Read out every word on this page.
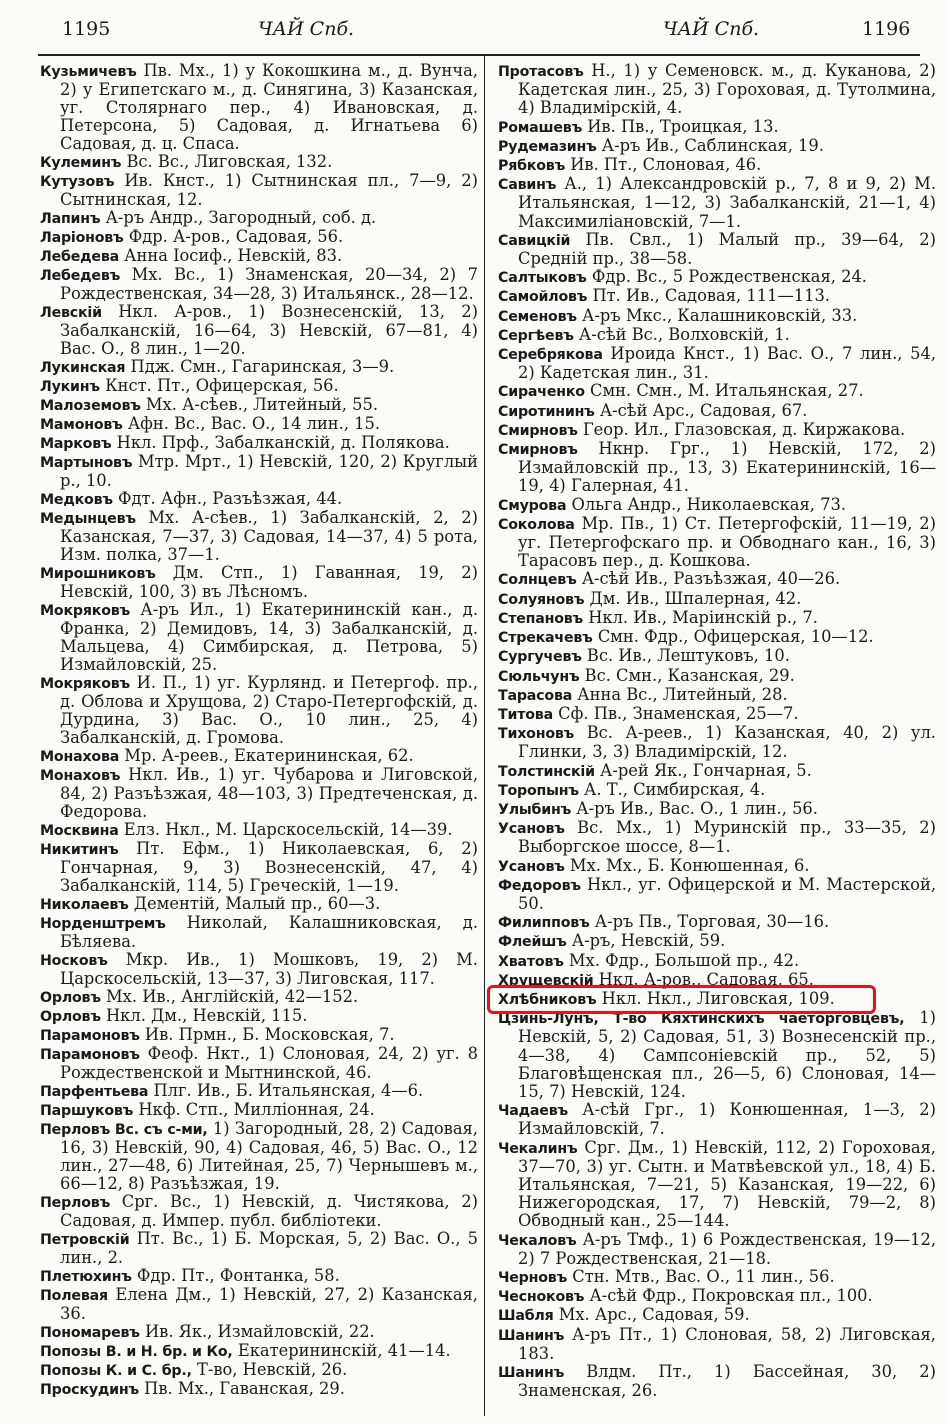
1195	ЧАЙ Спб.	ЧАЙ Спб.	1196

Кузьмичевъ Пв. Мх., 1) у Кокошкина м., д. Вунча, 2) у Египетскаго м., д. Синягина, 3) Казанская, уг. Столярнаго пер., 4) Ивановская, д. Петерсона, 5) Садовая, д. Игнатьева 6) Садовая, д. ц. Спаса.

Кулеминъ Вс. Вс., Лиговская, 132.

Кутузовъ Ив. Кнст., 1) Сытнинская пл., 7—9, 2) Сытнинская, 12.

Лапинъ А-ръ Андр., Загородный, соб. д.

Ларіоновъ Фдр. А-ров., Садовая, 56.

Лебедева Анна Іосиф., Невскій, 83.

Лебедевъ Мх. Вс., 1) Знаменская, 20—34, 2) 7 Рождественская, 34—28, 3) Итальянск., 28—12.

Левскій Нкл. А-ров., 1) Вознесенскій, 13, 2) Забалканскій, 16—64, 3) Невскій, 67—81, 4) Вас. О., 8 лин., 1—20.

Лукинская Пдж. Смн., Гагаринская, 3—9.

Лукинъ Кнст. Пт., Офицерская, 56.

Малоземовъ Мх. А-сѣев., Литейный, 55.

Мамоновъ Афн. Вс., Вас. О., 14 лин., 15.

Марковъ Нкл. Прф., Забалканскій, д. Полякова.

Мартыновъ Мтр. Мрт., 1) Невскій, 120, 2) Круглый р., 10.

Медковъ Фдт. Афн., Разъѣзжая, 44.

Медынцевъ Мх. А-сѣев., 1) Забалканскій, 2, 2) Казанская, 7—37, 3) Садовая, 14—37, 4) 5 рота, Изм. полка, 37—1.

Мирошниковъ Дм. Стп., 1) Гаванная, 19, 2) Невскій, 100, 3) въ Лѣсномъ.

Мокряковъ А-ръ Ил., 1) Екатерининскій кан., д. Франка, 2) Демидовъ, 14, 3) Забалканскій, д. Мальцева, 4) Симбирская, д. Петрова, 5) Измайловскій, 25.

Мокряковъ И. П., 1) уг. Курлянд. и Петергоф. пр., д. Облова и Хрущова, 2) Старо-Петергофскій, д. Дурдина, 3) Вас. О., 10 лин., 25, 4) Забалканскій, д. Громова.

Монахова Мр. А-реев., Екатерининская, 62.

Монаховъ Нкл. Ив., 1) уг. Чубарова и Лиговской, 84, 2) Разъѣзжая, 48—103, 3) Предтеченская, д. Федорова.

Москвина Елз. Нкл., М. Царскосельскій, 14—39.

Никитинъ Пт. Ефм., 1) Николаевская, 6, 2) Гончарная, 9, 3) Вознесенскій, 47, 4) Забалканскій, 114, 5) Греческій, 1—19.

Николаевъ Дементій, Малый пр., 60—3.

Норденштремъ Николай, Калашниковская, д. Бѣляева.

Носковъ Мкр. Ив., 1) Мошковъ, 19, 2) М. Царскосельскій, 13—37, 3) Лиговская, 117.

Орловъ Мх. Ив., Англійскій, 42—152.

Орловъ Нкл. Дм., Невскій, 115.

Парамоновъ Ив. Прмн., Б. Московская, 7.

Парамоновъ Феоф. Нкт., 1) Слоновая, 24, 2) уг. 8 Рождественской и Мытнинской, 46.

Парфентьева Плг. Ив., Б. Итальянская, 4—6.

Паршуковъ Нкф. Стп., Милліонная, 24.

Перловъ Вс. съ с-ми, 1) Загородный, 28, 2) Садовая, 16, 3) Невскій, 90, 4) Садовая, 46, 5) Вас. О., 12 лин., 27—48, 6) Литейная, 25, 7) Чернышевъ м., 66—12, 8) Разъѣзжая, 19.

Перловъ Срг. Вс., 1) Невскій, д. Чистякова, 2) Садовая, д. Импер. публ. библіотеки.

Петровскій Пт. Вс., 1) Б. Морская, 5, 2) Вас. О., 5 лин., 2.

Плетюхинъ Фдр. Пт., Фонтанка, 58.

Полевая Елена Дм., 1) Невскій, 27, 2) Казанская, 36.

Пономаревъ Ив. Як., Измайловскій, 22.

Попозы В. и Н. бр. и Ко, Екатерининскій, 41—14.

Попозы К. и С. бр., Т-во, Невскій, 26.

Проскудинъ Пв. Мх., Гаванская, 29.

Протасовъ Н., 1) у Семеновск. м., д. Куканова, 2) Кадетская лин., 25, 3) Гороховая, д. Тутолмина, 4) Владимірскій, 4.

Ромашевъ Ив. Пв., Троицкая, 13.

Рудемазинъ А-ръ Ив., Саблинская, 19.

Рябковъ Ив. Пт., Слоновая, 46.

Савинъ А., 1) Александровскій р., 7, 8 и 9, 2) М. Итальянская, 1—12, 3) Забалканскій, 21—1, 4) Максимиліановскій, 7—1.

Савицкій Пв. Свл., 1) Малый пр., 39—64, 2) Средній пр., 38—58.

Салтыковъ Фдр. Вс., 5 Рождественская, 24.

Самойловъ Пт. Ив., Садовая, 111—113.

Семеновъ А-ръ Мкс., Калашниковскій, 33.

Сергѣевъ А-сѣй Вс., Волховскій, 1.

Серебрякова Ироида Кнст., 1) Вас. О., 7 лин., 54, 2) Кадетская лин., 31.

Сираченко Смн. Смн., М. Итальянская, 27.

Сиротининъ А-сѣй Арс., Садовая, 67.

Смирновъ Геор. Ил., Глазовская, д. Киржакова.

Смирновъ Нкнр. Грг., 1) Невскій, 172, 2) Измайловскій пр., 13, 3) Екатерининскій, 16—19, 4) Галерная, 41.

Смурова Ольга Андр., Николаевская, 73.

Соколова Мр. Пв., 1) Ст. Петергофскій, 11—19, 2) уг. Петергофскаго пр. и Обводнаго кан., 16, 3) Тарасовъ пер., д. Кошкова.

Солнцевъ А-сѣй Ив., Разъѣзжая, 40—26.

Солуяновъ Дм. Ив., Шпалерная, 42.

Степановъ Нкл. Ив., Маріинскій р., 7.

Стрекачевъ Смн. Фдр., Офицерская, 10—12.

Сургучевъ Вс. Ив., Лештуковъ, 10.

Сюльчунъ Вс. Смн., Казанская, 29.

Тарасова Анна Вс., Литейный, 28.

Титова Сф. Пв., Знаменская, 25—7.

Тихоновъ Вс. А-реев., 1) Казанская, 40, 2) ул. Глинки, 3, 3) Владимірскій, 12.

Толстинскій А-рей Як., Гончарная, 5.

Торопынъ А. Т., Симбирская, 4.

Улыбинъ А-ръ Ив., Вас. О., 1 лин., 56.

Усановъ Вс. Мх., 1) Муринскій пр., 33—35, 2) Выборгское шоссе, 8—1.

Усановъ Мх. Мх., Б. Конюшенная, 6.

Федоровъ Нкл., уг. Офицерской и М. Мастерской, 50.

Филипповъ А-ръ Пв., Торговая, 30—16.

Флейшъ А-ръ, Невскій, 59.

Хватовъ Мх. Фдр., Большой пр., 42.

Хрущевскій Нкл. А-ров., Садовая, 65.

Хлѣбниковъ Нкл. Нкл., Лиговская, 109.

Цзинь-Лунъ, Т-во Кяхтинскихъ чаеторговцевъ, 1) Невскій, 5, 2) Садовая, 51, 3) Вознесенскій пр., 4—38, 4) Сампсоніевскій пр., 52, 5) Благовѣщенская пл., 26—5, 6) Слоновая, 14—15, 7) Невскій, 124.

Чадаевъ А-сѣй Грг., 1) Конюшенная, 1—3, 2) Измайловскій, 7.

Чекалинъ Срг. Дм., 1) Невскій, 112, 2) Гороховая, 37—70, 3) уг. Сытн. и Матвѣевской ул., 18, 4) Б. Итальянская, 7—21, 5) Казанская, 19—22, 6) Нижегородская, 17, 7) Невскій, 79—2, 8) Обводный кан., 25—144.

Чекаловъ А-ръ Тмф., 1) 6 Рождественская, 19—12, 2) 7 Рождественская, 21—18.

Черновъ Стн. Мтв., Вас. О., 11 лин., 56.

Чесноковъ А-сѣй Фдр., Покровская пл., 100.

Шабля Мх. Арс., Садовая, 59.

Шанинъ А-ръ Пт., 1) Слоновая, 58, 2) Лиговская, 183.

Шанинъ Влдм. Пт., 1) Бассейная, 30, 2) Знаменская, 26.
